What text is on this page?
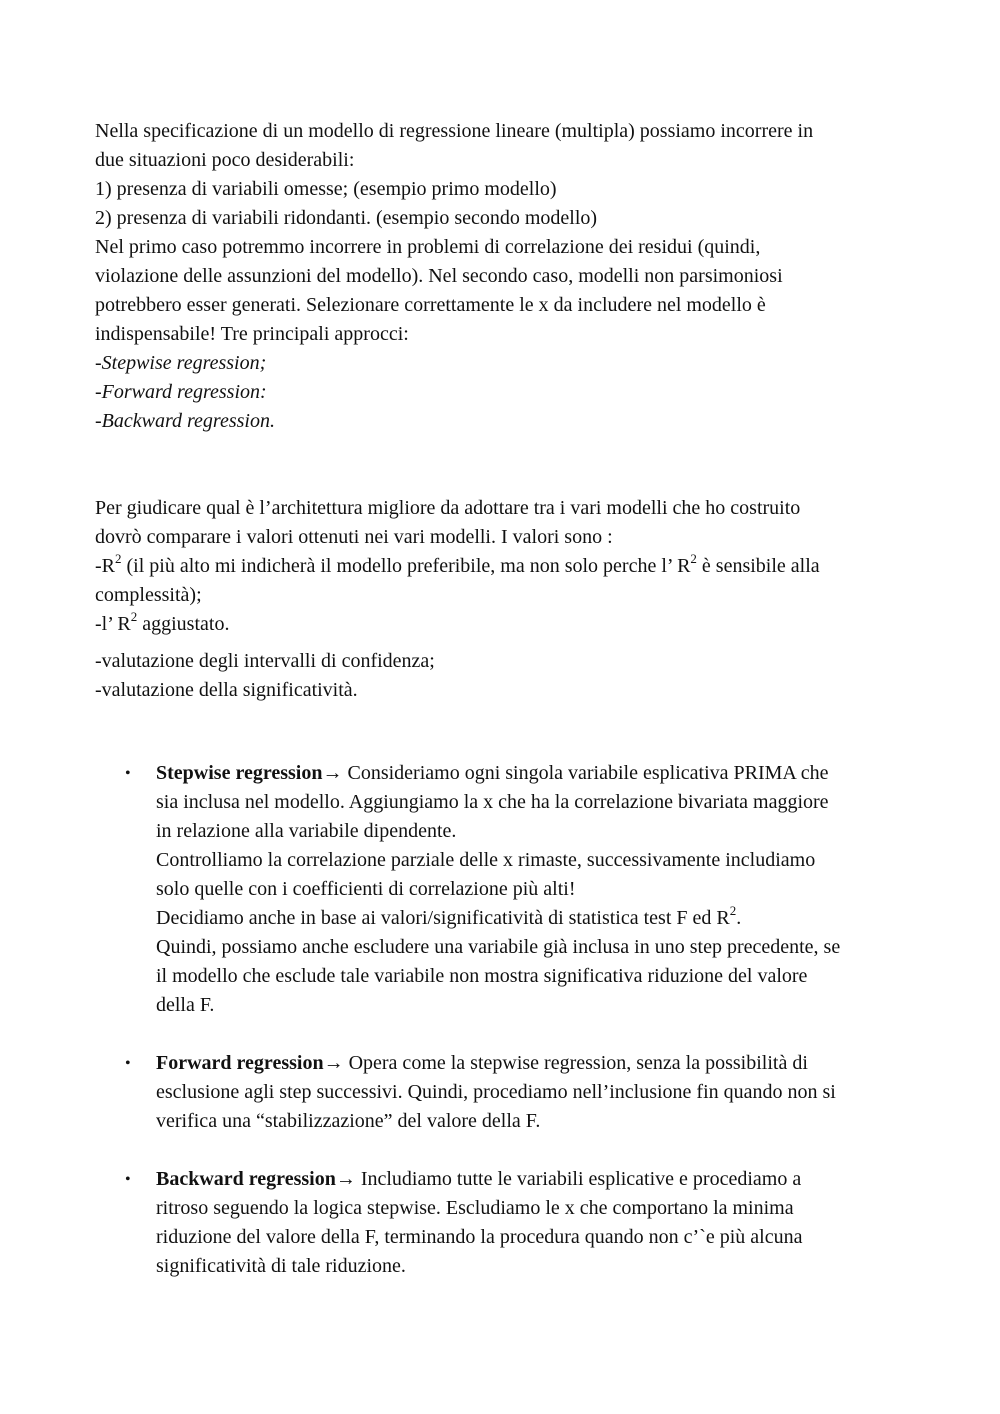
Nella specificazione di un modello di regressione lineare (multipla) possiamo incorrere in
due situazioni poco desiderabili:
1) presenza di variabili omesse; (esempio primo modello)
2) presenza di variabili ridondanti. (esempio secondo modello)
Nel primo caso potremmo incorrere in problemi di correlazione dei residui (quindi,
violazione delle assunzioni del modello). Nel secondo caso, modelli non parsimoniosi
potrebbero esser generati. Selezionare correttamente le x da includere nel modello è
indispensabile! Tre principali approcci:
-Stepwise regression;
-Forward regression:
-Backward regression.
Per giudicare qual è l’architettura migliore da adottare tra i vari modelli che ho costruito
dovrò comparare i valori ottenuti nei vari modelli. I valori sono :
$-R^2$ (il più alto mi indicherà il modello preferibile, ma non solo perche l’ $R^2$ è sensibile alla
complessità);
-l’ $R^2$ aggiustato.
-valutazione degli intervalli di confidenza;
-valutazione della significatività.
• Stepwise regression→ Consideriamo ogni singola variabile esplicativa PRIMA che
sia inclusa nel modello. Aggiungiamo la x che ha la correlazione bivariata maggiore
in relazione alla variabile dipendente.
Controlliamo la correlazione parziale delle x rimaste, successivamente includiamo
solo quelle con i coefficienti di correlazione più alti!
Decidiamo anche in base ai valori/significatività di statistica test F ed $R^2$.
Quindi, possiamo anche escludere una variabile già inclusa in uno step precedente, se
il modello che esclude tale variabile non mostra significativa riduzione del valore
della F.
• Forward regression→ Opera come la stepwise regression, senza la possibilità di
esclusione agli step successivi. Quindi, procediamo nell’inclusione fin quando non si
verifica una “stabilizzazione” del valore della F.
• Backward regression→ Includiamo tutte le variabili esplicative e procediamo a
ritroso seguendo la logica stepwise. Escludiamo le x che comportano la minima
riduzione del valore della F, terminando la procedura quando non c’`e più alcuna
significatività di tale riduzione.
